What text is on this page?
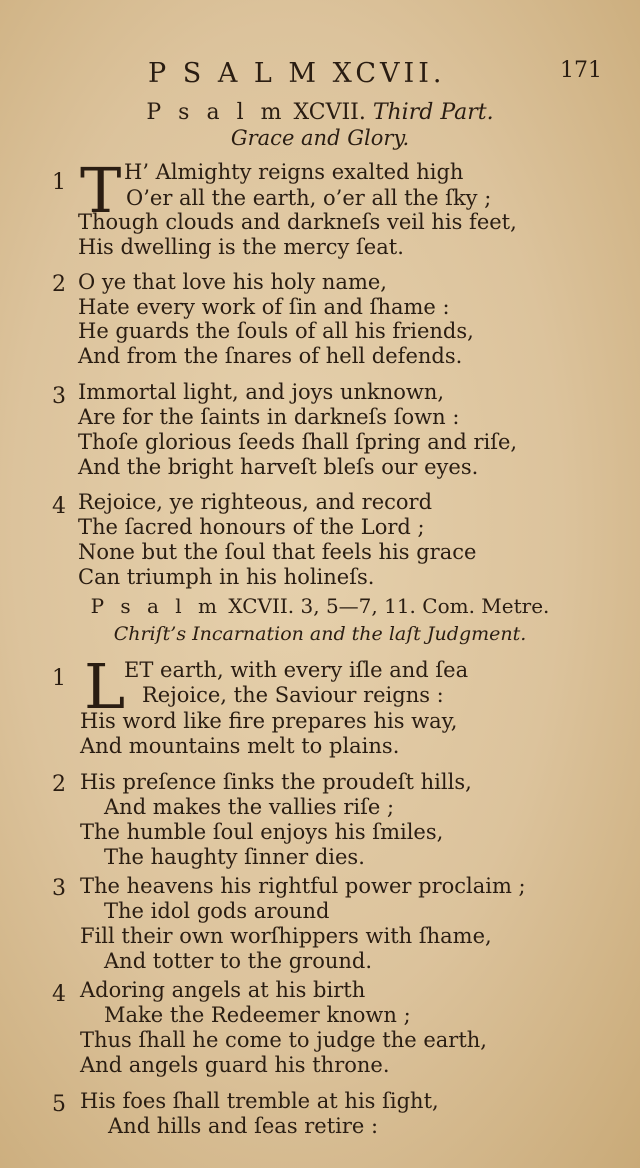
P S A L M XCVII.	171
P s a l m XCVII. Third Part.
Grace and Glory.
1 T H’ Almighty reigns exalted high
O’er all the earth, o’er all the ſky ;
Though clouds and darkneſs veil his feet,
His dwelling is the mercy ſeat.
2 O ye that love his holy name,
Hate every work of ſin and ſhame :
He guards the ſouls of all his friends,
And from the ſnares of hell defends.
3 Immortal light, and joys unknown,
Are for the ſaints in darkneſs ſown :
Thoſe glorious ſeeds ſhall ſpring and riſe,
And the bright harveſt bleſs our eyes.
4 Rejoice, ye righteous, and record
The ſacred honours of the Lord ;
None but the ſoul that feels his grace
Can triumph in his holineſs.
P s a l m XCVII. 3, 5—7, 11. Com. Metre.
Chriſt’s Incarnation and the laſt Judgment.
1 L
ET earth, with every iſle and ſea
Rejoice, the Saviour reigns :
His word like fire prepares his way,
And mountains melt to plains.
2 His preſence ſinks the proudeſt hills,
And makes the vallies riſe ;
The humble ſoul enjoys his ſmiles,
The haughty ſinner dies.
3 The heavens his rightful power proclaim ;
The idol gods around
Fill their own worſhippers with ſhame,
And totter to the ground.
4 Adoring angels at his birth
Make the Redeemer known ;
Thus ſhall he come to judge the earth,
And angels guard his throne.
5 His foes ſhall tremble at his ſight,
And hills and ſeas retire :
